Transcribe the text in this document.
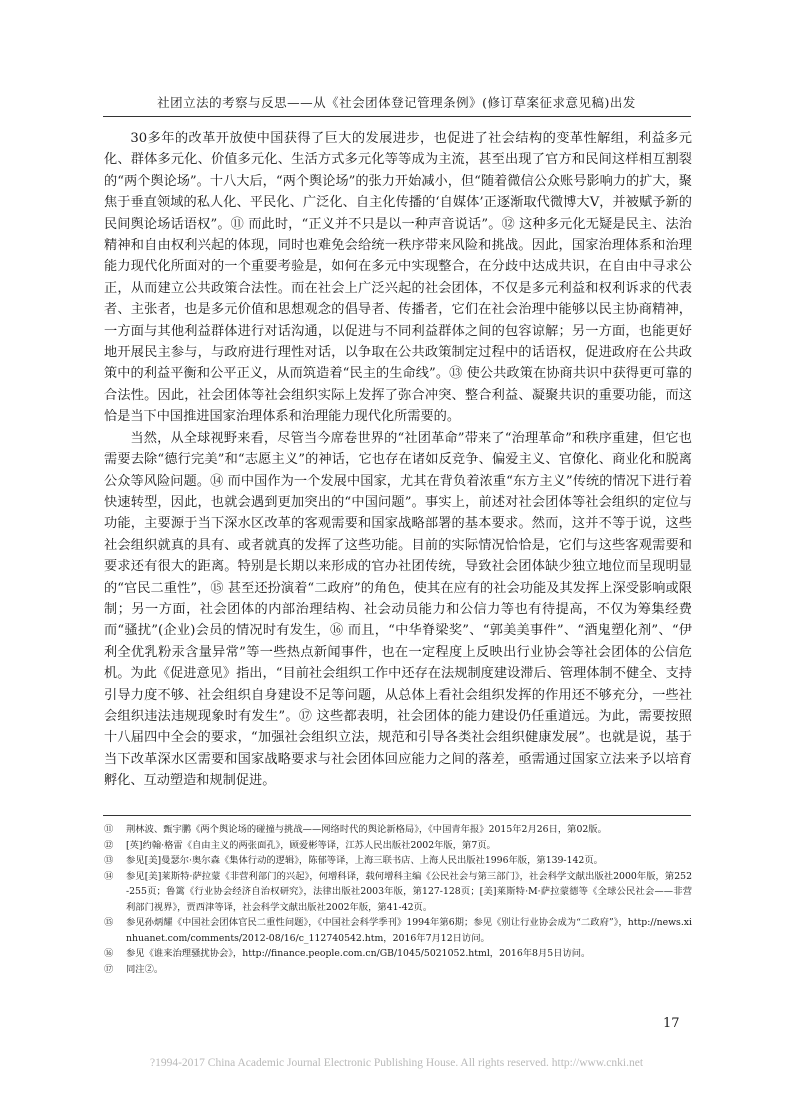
社团立法的考察与反思——从《社会团体登记管理条例》(修订草案征求意见稿)出发

30多年的改革开放使中国获得了巨大的发展进步，也促进了社会结构的变革性解组，利益多元化、群体多元化、价值多元化、生活方式多元化等等成为主流，甚至出现了官方和民间这样相互割裂的“两个舆论场”。十八大后，“两个舆论场”的张力开始减小，但“随着微信公众账号影响力的扩大，聚焦于垂直领域的私人化、平民化、广泛化、自主化传播的‘自媒体’正逐渐取代微博大V，并被赋予新的民间舆论场话语权”。⑪ 而此时，“正义并不只是以一种声音说话”。⑫ 这种多元化无疑是民主、法治精神和自由权利兴起的体现，同时也难免会给统一秩序带来风险和挑战。因此，国家治理体系和治理能力现代化所面对的一个重要考验是，如何在多元中实现整合，在分歧中达成共识，在自由中寻求公正，从而建立公共政策合法性。而在社会上广泛兴起的社会团体，不仅是多元利益和权利诉求的代表者、主张者，也是多元价值和思想观念的倡导者、传播者，它们在社会治理中能够以民主协商精神，一方面与其他利益群体进行对话沟通，以促进与不同利益群体之间的包容谅解；另一方面，也能更好地开展民主参与，与政府进行理性对话，以争取在公共政策制定过程中的话语权，促进政府在公共政策中的利益平衡和公平正义，从而筑造着“民主的生命线”。⑬ 使公共政策在协商共识中获得更可靠的合法性。因此，社会团体等社会组织实际上发挥了弥合冲突、整合利益、凝聚共识的重要功能，而这恰是当下中国推进国家治理体系和治理能力现代化所需要的。

当然，从全球视野来看，尽管当今席卷世界的“社团革命”带来了“治理革命”和秩序重建，但它也需要去除“德行完美”和“志愿主义”的神话，它也存在诸如反竞争、偏爱主义、官僚化、商业化和脱离公众等风险问题。⑭ 而中国作为一个发展中国家，尤其在背负着浓重“东方主义”传统的情况下进行着快速转型，因此，也就会遇到更加突出的“中国问题”。事实上，前述对社会团体等社会组织的定位与功能，主要源于当下深水区改革的客观需要和国家战略部署的基本要求。然而，这并不等于说，这些社会组织就真的具有、或者就真的发挥了这些功能。目前的实际情况恰恰是，它们与这些客观需要和要求还有很大的距离。特别是长期以来形成的官办社团传统，导致社会团体缺少独立地位而呈现明显的“官民二重性”，⑮ 甚至还扮演着“二政府”的角色，使其在应有的社会功能及其发挥上深受影响或限制；另一方面，社会团体的内部治理结构、社会动员能力和公信力等也有待提高，不仅为筹集经费而“骚扰”(企业)会员的情况时有发生，⑯ 而且，“中华脊梁奖”、“郭美美事件”、“酒鬼塑化剂”、“伊利全优乳粉汞含量异常”等一些热点新闻事件，也在一定程度上反映出行业协会等社会团体的公信危机。为此《促进意见》指出，“目前社会组织工作中还存在法规制度建设滞后、管理体制不健全、支持引导力度不够、社会组织自身建设不足等问题，从总体上看社会组织发挥的作用还不够充分，一些社会组织违法违规现象时有发生”。⑰ 这些都表明，社会团体的能力建设仍任重道远。为此，需要按照十八届四中全会的要求，“加强社会组织立法，规范和引导各类社会组织健康发展”。也就是说，基于当下改革深水区需要和国家战略要求与社会团体回应能力之间的落差，亟需通过国家立法来予以培育孵化、互动塑造和规制促进。

⑪	荆林波、甄宇鹏《两个舆论场的碰撞与挑战——网络时代的舆论新格局》，《中国青年报》2015年2月26日，第02版。
⑫	[英]约翰·格雷《自由主义的两张面孔》，顾爱彬等译，江苏人民出版社2002年版，第7页。
⑬	参见[美]曼瑟尔·奥尔森《集体行动的逻辑》，陈郁等译，上海三联书店、上海人民出版社1996年版，第139-142页。
⑭	参见[美]莱斯特·萨拉蒙《非营利部门的兴起》，何增科译，载何增科主编《公民社会与第三部门》，社会科学文献出版社2000年版，第252-255页；鲁篱《行业协会经济自治权研究》，法律出版社2003年版，第127-128页；[美]莱斯特·M·萨拉蒙德等《全球公民社会——非营利部门视界》，贾西津等译，社会科学文献出版社2002年版，第41-42页。
⑮	参见孙炳耀《中国社会团体官民二重性问题》，《中国社会科学季刊》1994年第6期；参见《别让行业协会成为“二政府”》，http://news.xinhuanet.com/comments/2012-08/16/c_112740542.htm，2016年7月12日访问。
⑯	参见《谁来治理骚扰协会》，http://finance.people.com.cn/GB/1045/5021052.html，2016年8月5日访问。
⑰	同注②。
17
?1994-2017 China Academic Journal Electronic Publishing House. All rights reserved. http://www.cnki.net
